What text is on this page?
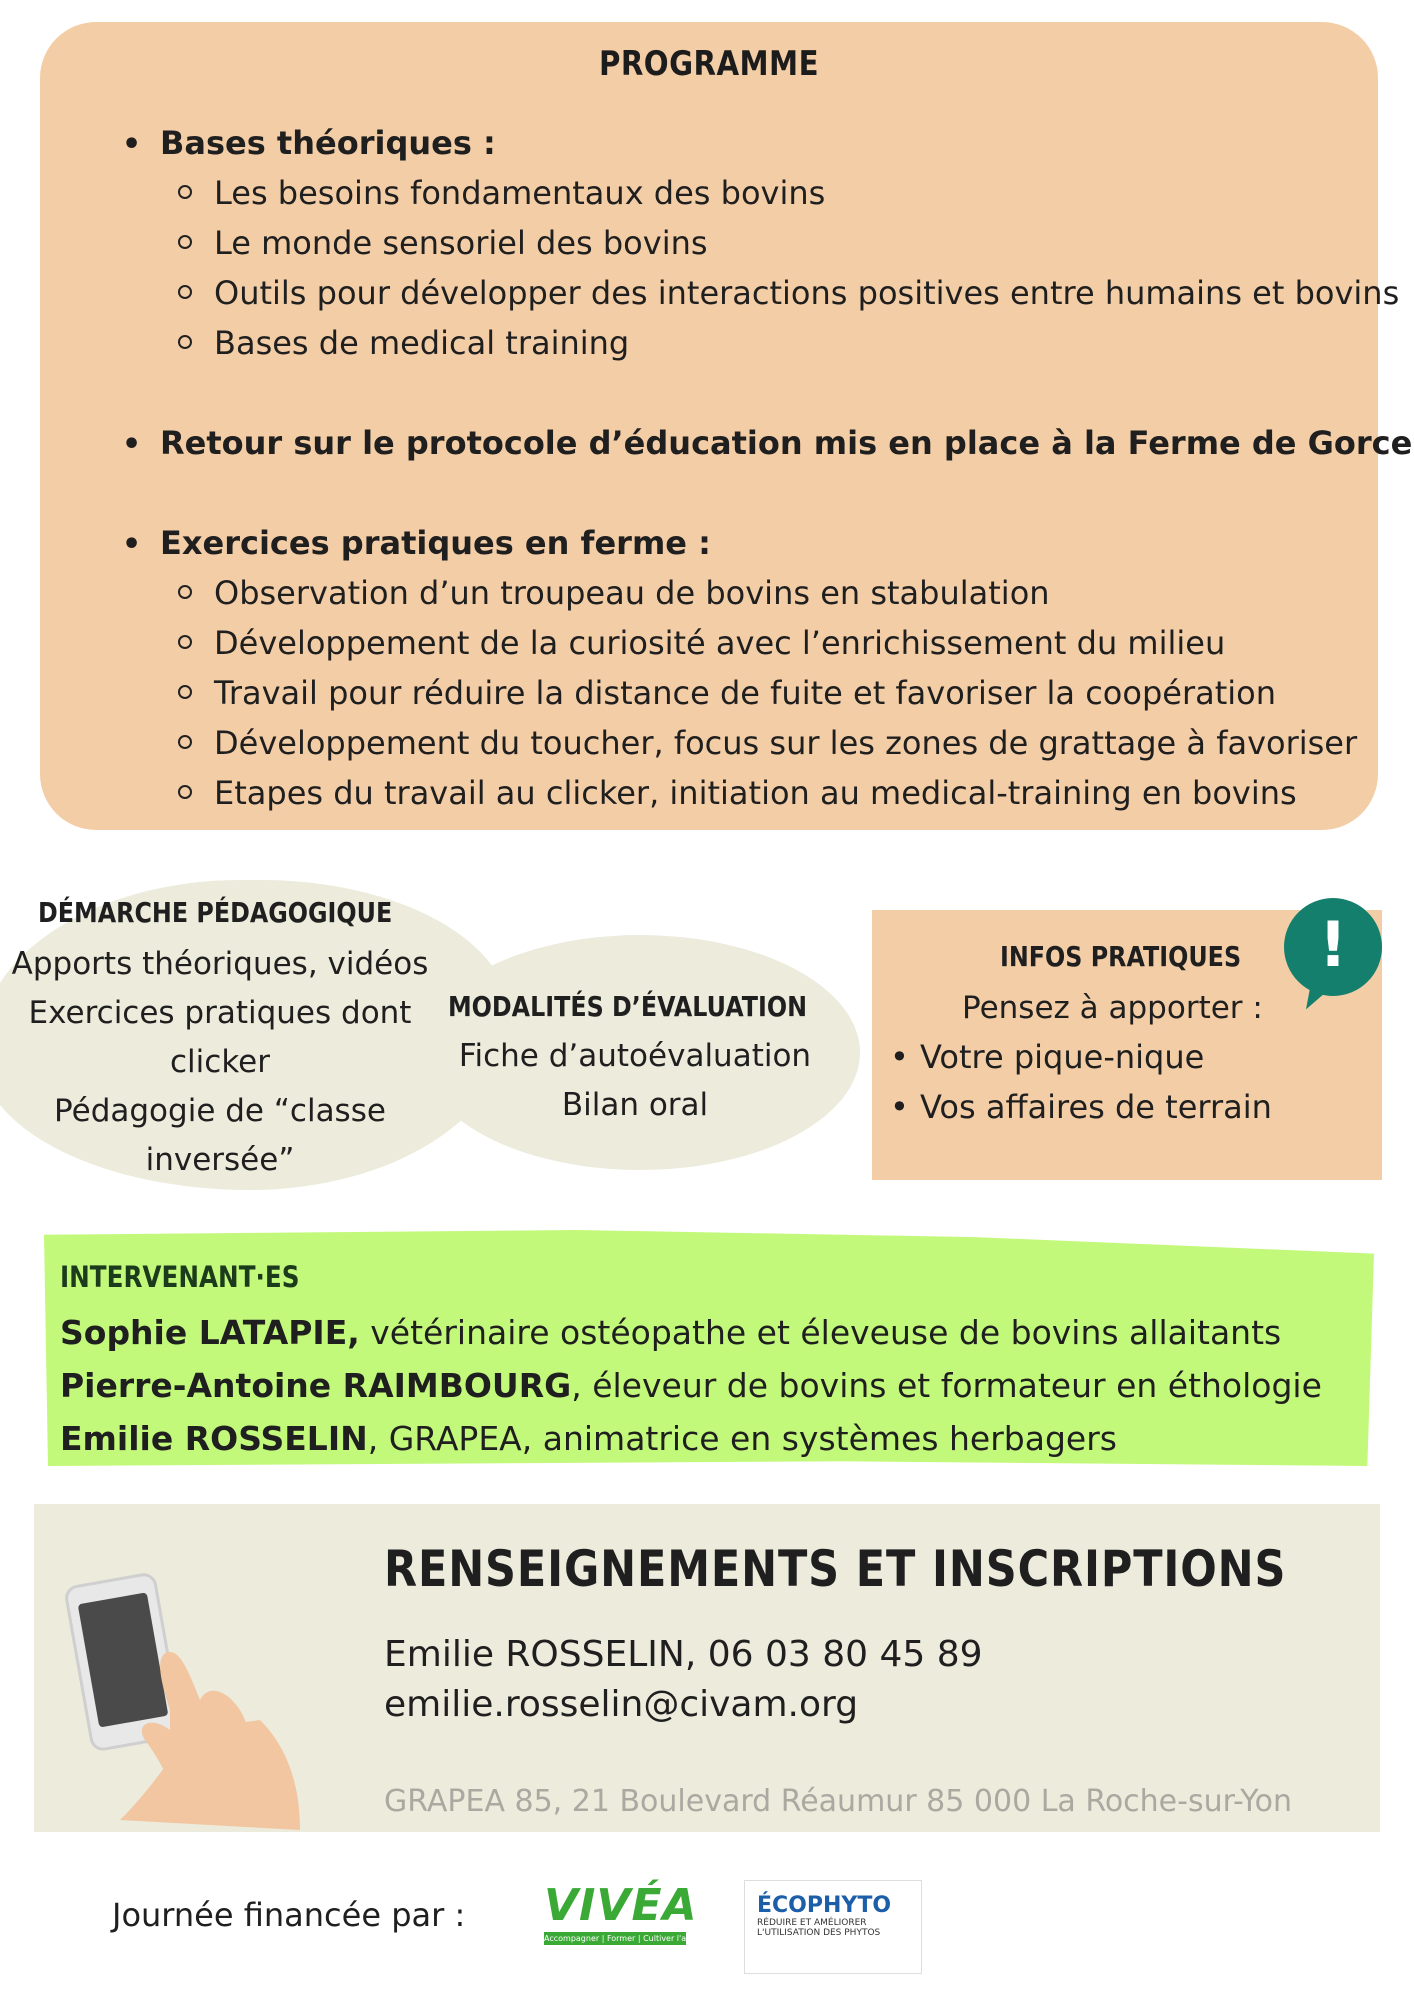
PROGRAMME
• Bases théoriques :
Les besoins fondamentaux des bovins
Le monde sensoriel des bovins
Outils pour développer des interactions positives entre humains et bovins
Bases de medical training
• Retour sur le protocole d’éducation mis en place à la Ferme de Gorce
• Exercices pratiques en ferme :
Observation d’un troupeau de bovins en stabulation
Développement de la curiosité avec l’enrichissement du milieu
Travail pour réduire la distance de fuite et favoriser la coopération
Développement du toucher, focus sur les zones de grattage à favoriser
Etapes du travail au clicker, initiation au medical-training en bovins
DÉMARCHE PÉDAGOGIQUE
Apports théoriques, vidéos
Exercices pratiques dont
clicker
Pédagogie de “classe
inversée”
MODALITÉS D’ÉVALUATION
Fiche d’autoévaluation
Bilan oral
INFOS PRATIQUES
Pensez à apporter :
• Votre pique-nique
• Vos affaires de terrain
!
INTERVENANT·ES
Sophie LATAPIE, vétérinaire ostéopathe et éleveuse de bovins allaitants
Pierre-Antoine RAIMBOURG, éleveur de bovins et formateur en éthologie
Emilie ROSSELIN, GRAPEA, animatrice en systèmes herbagers
RENSEIGNEMENTS ET INSCRIPTIONS
Emilie ROSSELIN, 06 03 80 45 89
emilie.rosselin@civam.org
GRAPEA 85, 21 Boulevard Réaumur 85 000 La Roche-sur-Yon
Journée financée par : VIVÉA
Accompagner | Former | Cultiver l'avenir
ÉCOPHYTO
RÉDUIRE ET AMÉLIORER
L'UTILISATION DES PHYTOS
